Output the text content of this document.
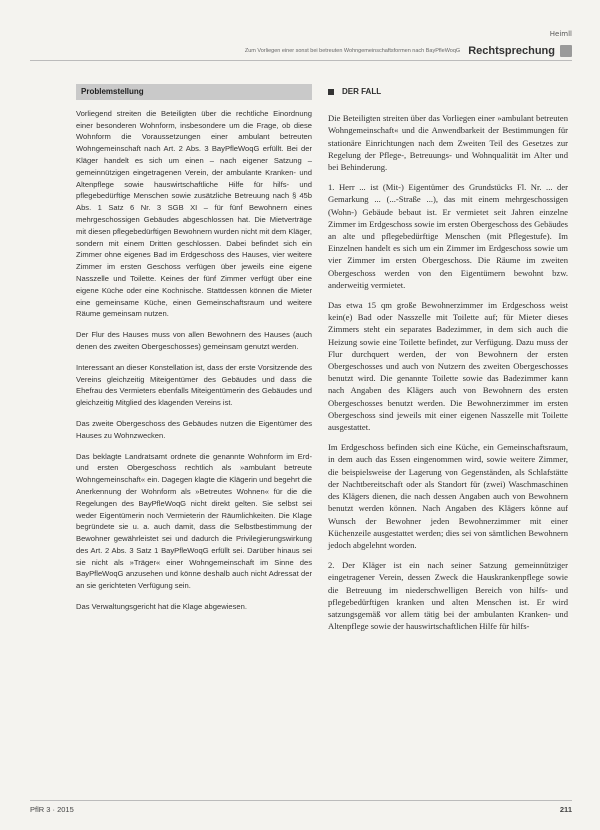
Heimll
Zum Vorliegen einer sonst bei betreuten Wohngemeinschaftsformen nach BayPfleWoqG Rechtsprechung
Problemstellung

Vorliegend streiten die Beteiligten über die rechtliche Einordnung einer besonderen Wohnform, insbesondere um die Frage, ob diese Wohnform die Voraussetzungen einer ambulant betreuten Wohngemeinschaft nach Art. 2 Abs. 3 BayPfleWoqG erfüllt. Bei der Kläger handelt es sich um einen – nach eigener Satzung – gemeinnützigen eingetragenen Verein, der ambulante Kranken- und Altenpflege sowie hauswirtschaftliche Hilfe für hilfs- und pflegebedürftige Menschen sowie zusätzliche Betreuung nach § 45b Abs. 1 Satz 6 Nr. 3 SGB XI – für fünf Bewohnern eines mehrgeschossigen Gebäudes abgeschlossen hat. Die Mietverträge mit diesen pflegebedürftigen Bewohnern wurden nicht mit dem Kläger, sondern mit einem Dritten geschlossen. Dabei befindet sich ein Zimmer ohne eigenes Bad im Erdgeschoss des Hauses, vier weitere Zimmer im ersten Geschoss verfügen über jeweils eine eigene Nasszelle und Toilette. Keines der fünf Zimmer verfügt über eine eigene Küche oder eine Kochnische. Stattdessen können die Mieter eine gemeinsame Küche, einen Gemeinschaftsraum und weitere Räume gemeinsam nutzen.

Der Flur des Hauses muss von allen Bewohnern des Hauses (auch denen des zweiten Obergeschosses) gemeinsam genutzt werden.

Interessant an dieser Konstellation ist, dass der erste Vorsitzende des Vereins gleichzeitig Miteigentümer des Gebäudes und dass die Ehefrau des Vermieters ebenfalls Miteigentümerin des Gebäudes und gleichzeitig Mitglied des klagenden Vereins ist.

Das zweite Obergeschoss des Gebäudes nutzen die Eigentümer des Hauses zu Wohnzwecken.

Das beklagte Landratsamt ordnete die genannte Wohnform im Erd- und ersten Obergeschoss rechtlich als »ambulant betreute Wohngemeinschaft« ein. Dagegen klagte die Klägerin und begehrt die Anerkennung der Wohnform als »Betreutes Wohnen« für die die Regelungen des BayPfleWoqG nicht direkt gelten. Sie selbst sei weder Eigentümerin noch Vermieterin der Räumlichkeiten. Die Klage begründete sie u. a. auch damit, dass die Selbstbestimmung der Bewohner gewährleistet sei und dadurch die Privilegierungswirkung des Art. 2 Abs. 3 Satz 1 BayPfleWoqG erfüllt sei. Darüber hinaus sei sie nicht als »Träger« einer Wohngemeinschaft im Sinne des BayPfleWoqG anzusehen und könne deshalb auch nicht Adressat der an sie gerichteten Verfügung sein.

Das Verwaltungsgericht hat die Klage abgewiesen.

DER FALL

Die Beteiligten streiten über das Vorliegen einer »ambulant betreuten Wohngemeinschaft« und die Anwendbarkeit der Bestimmungen für stationäre Einrichtungen nach dem Zweiten Teil des Gesetzes zur Regelung der Pflege-, Betreuungs- und Wohnqualität im Alter und bei Behinderung.

1. Herr ... ist (Mit-) Eigentümer des Grundstücks Fl. Nr. ... der Gemarkung ... (...-Straße ...), das mit einem mehrgeschossigen (Wohn-) Gebäude bebaut ist. Er vermietet seit Jahren einzelne Zimmer im Erdgeschoss sowie im ersten Obergeschoss des Gebäudes an alte und pflegebedürftige Menschen (mit Pflegestufe). Im Einzelnen handelt es sich um ein Zimmer im Erdgeschoss sowie um vier Zimmer im ersten Obergeschoss. Die Räume im zweiten Obergeschoss werden von den Eigentümern bewohnt bzw. anderweitig vermietet.

Das etwa 15 qm große Bewohnerzimmer im Erdgeschoss weist kein(e) Bad oder Nasszelle mit Toilette auf; für Mieter dieses Zimmers steht ein separates Badezimmer, in dem sich auch die Heizung sowie eine Toilette befindet, zur Verfügung. Dazu muss der Flur durchquert werden, der von Bewohnern der ersten Obergeschosses und auch von Nutzern des zweiten Obergeschosses benutzt wird. Die genannte Toilette sowie das Badezimmer kann nach Angaben des Klägers auch von Bewohnern des ersten Obergeschosses benutzt werden. Die Bewohnerzimmer im ersten Obergeschoss sind jeweils mit einer eigenen Nasszelle mit Toilette ausgestattet.

Im Erdgeschoss befinden sich eine Küche, ein Gemeinschaftsraum, in dem auch das Essen eingenommen wird, sowie weitere Zimmer, die beispielsweise der Lagerung von Gegenständen, als Schlafstätte der Nachtbereitschaft oder als Standort für (zwei) Waschmaschinen des Klägers dienen, die nach dessen Angaben auch von Bewohnern benutzt werden können. Nach Angaben des Klägers könne auf Wunsch der Bewohner jeden Bewohnerzimmer mit einer Küchenzeile ausgestattet werden; dies sei von sämtlichen Bewohnern jedoch abgelehnt worden.

2. Der Kläger ist ein nach seiner Satzung gemeinnütziger eingetragener Verein, dessen Zweck die Hauskrankenpflege sowie die Betreuung im niederschwelligen Bereich von hilfs- und pflegebedürftigen kranken und alten Menschen ist. Er wird satzungsgemäß vor allem tätig bei der ambulanten Kranken- und Altenpflege sowie der hauswirtschaftlichen Hilfe für hilfs-

PflR 3 · 2015	211
